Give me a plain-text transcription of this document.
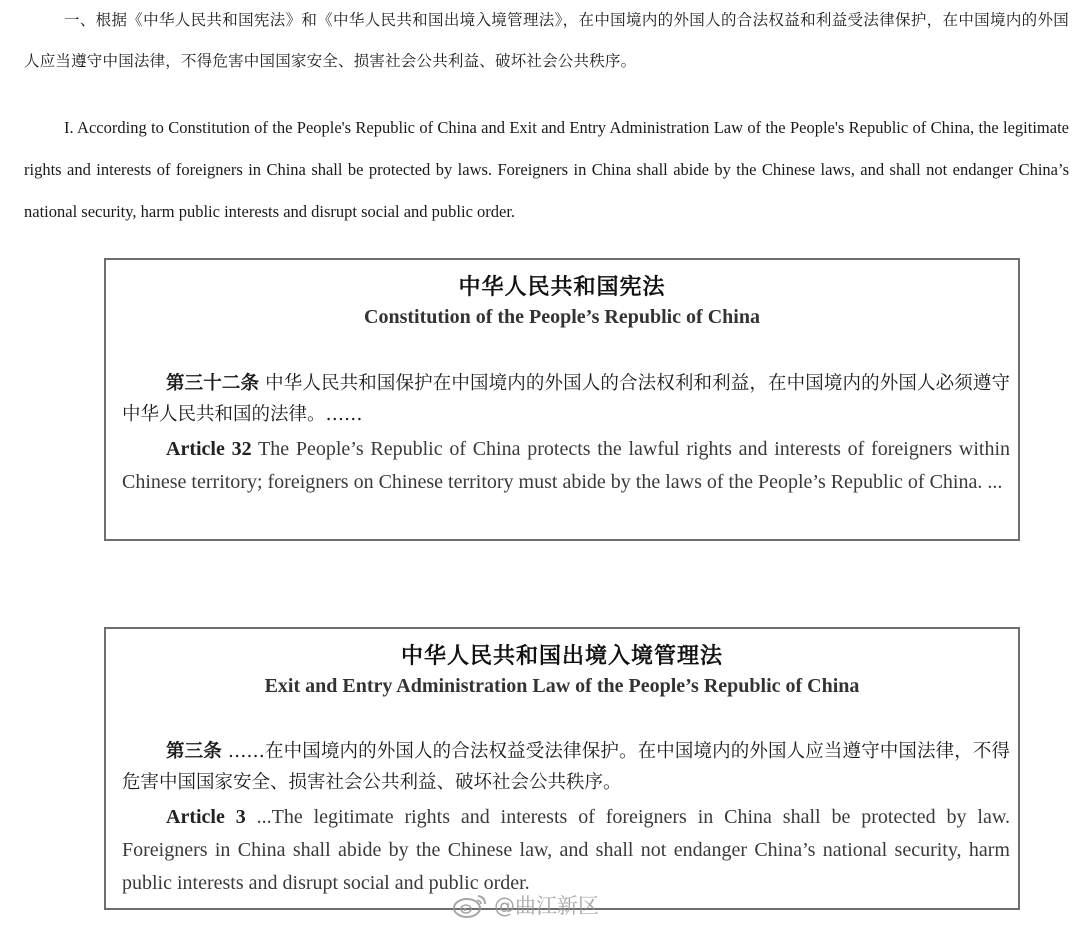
一、根据《中华人民共和国宪法》和《中华人民共和国出境入境管理法》，在中国境内的外国人的合法权益和利益受法律保护，在中国境内的外国人应当遵守中国法律，不得危害中国国家安全、损害社会公共利益、破坏社会公共秩序。
I. According to Constitution of the People's Republic of China and Exit and Entry Administration Law of the People's Republic of China, the legitimate rights and interests of foreigners in China shall be protected by laws. Foreigners in China shall abide by the Chinese laws, and shall not endanger China’s national security, harm public interests and disrupt social and public order.
中华人民共和国宪法
Constitution of the People’s Republic of China
第三十二条 中华人民共和国保护在中国境内的外国人的合法权利和利益，在中国境内的外国人必须遵守中华人民共和国的法律。……
Article 32 The People’s Republic of China protects the lawful rights and interests of foreigners within Chinese territory; foreigners on Chinese territory must abide by the laws of the People’s Republic of China. ...
中华人民共和国出境入境管理法
Exit and Entry Administration Law of the People’s Republic of China
第三条 ……在中国境内的外国人的合法权益受法律保护。在中国境内的外国人应当遵守中国法律，不得危害中国国家安全、损害社会公共利益、破坏社会公共秩序。
Article 3 ...The legitimate rights and interests of foreigners in China shall be protected by law. Foreigners in China shall abide by the Chinese law, and shall not endanger China’s national security, harm public interests and disrupt social and public order.
@曲江新区
